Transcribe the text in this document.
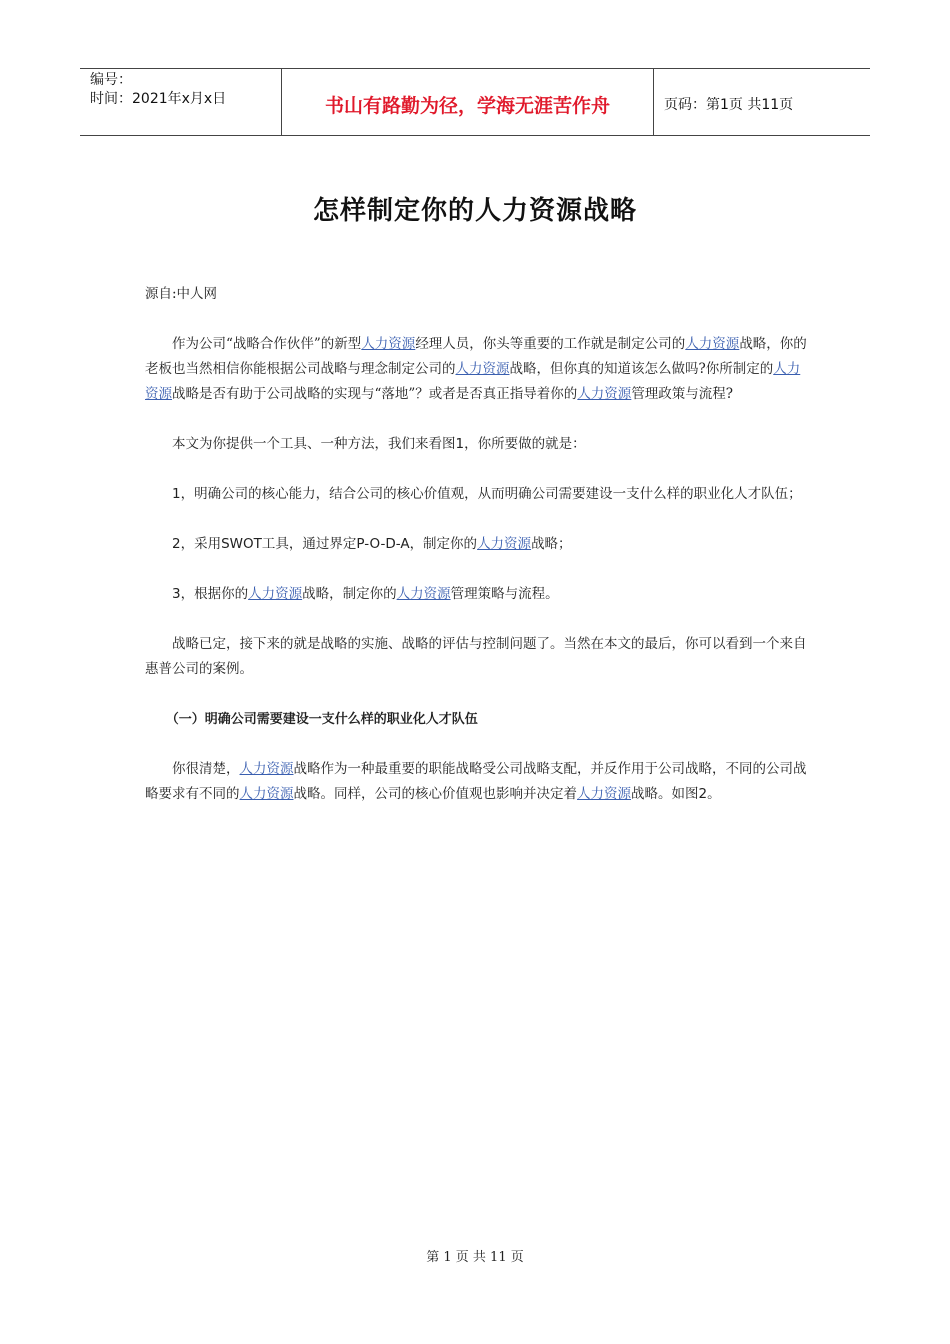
编号：
时间：2021年x月x日	书山有路勤为径，学海无涯苦作舟	页码：第1页 共11页
怎样制定你的人力资源战略

源自:中人网

作为公司“战略合作伙伴”的新型人力资源经理人员，你头等重要的工作就是制定公司的人力资源战略，你的老板也当然相信你能根据公司战略与理念制定公司的人力资源战略，但你真的知道该怎么做吗?你所制定的人力资源战略是否有助于公司战略的实现与“落地”？或者是否真正指导着你的人力资源管理政策与流程?

本文为你提供一个工具、一种方法，我们来看图1，你所要做的就是：

1，明确公司的核心能力，结合公司的核心价值观，从而明确公司需要建设一支什么样的职业化人才队伍；

2，采用SWOT工具，通过界定P-O-D-A，制定你的人力资源战略；

3，根据你的人力资源战略，制定你的人力资源管理策略与流程。

战略已定，接下来的就是战略的实施、战略的评估与控制问题了。当然在本文的最后，你可以看到一个来自惠普公司的案例。

（一）明确公司需要建设一支什么样的职业化人才队伍

你很清楚，人力资源战略作为一种最重要的职能战略受公司战略支配，并反作用于公司战略，不同的公司战略要求有不同的人力资源战略。同样，公司的核心价值观也影响并决定着人力资源战略。如图2。

第 1 页 共 11 页
